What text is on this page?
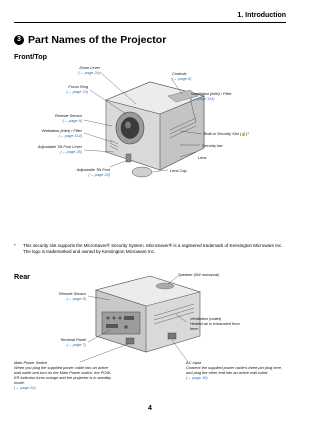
1. Introduction
3 Part Names of the Projector
Front/Top
Zoom Lever
(→ page 24)
Focus Ring
(→ page 24)
Remote Sensor
(→ page 9)
Ventilation (inlet) / Filter
(→ page 114)
Adjustable Tilt Foot Lever
(→ page 25)
Adjustable Tilt Foot
(→ page 25)
Controls
(→ page 6)
Ventilation (inlet) / Filter
(→ page 114)
Built-in Security Slot (🔒)*
Security bar
Lens
Lens Cap
* This security slot supports the MicroSaver® Security System. MicroSaver® is a registered trademark of Kensington Microware Inc. The logo is trademarked and owned by Kensington Microware Inc.
Rear	Speaker (5W monaural)
Remote Sensor
(→ page 9)
Ventilation (outlet)
Heated air is exhausted from
here.
Terminal Panel
(→ page 7)
Main Power Switch
When you plug the supplied power cable into an active
wall outlet and turn on the Main Power switch, the POW-
ER indicator turns orange and the projector is in standby
mode.
(→ page 20)
AC Input
Connect the supplied power cable's three-pin plug here,
and plug the other end into an active wall outlet.
(→ page 18)
4
